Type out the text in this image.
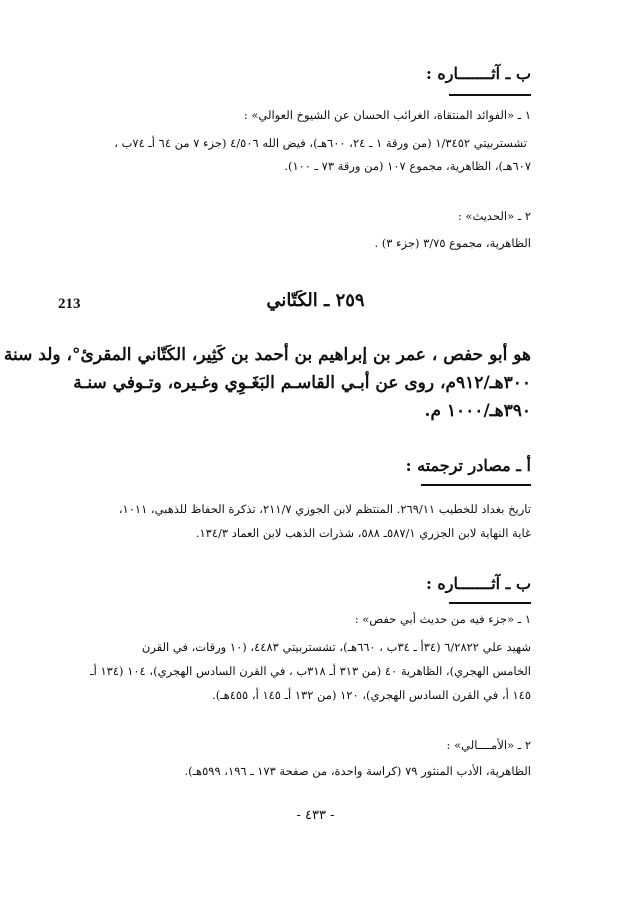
ب ـ آثـــــــاره :
١ ـ «الفوائد المنتقاة، الغرائب الحسان عن الشيوخ العوالي» :
تشستربيتي ١/٣٤٥٢ (من ورقة ١ ـ ٢٤، ٦٠٠هـ)، فيض الله ٤/٥٠٦ (جزء ٧ من ٦٤ أـ ٧٤ب ،
٦٠٧هـ)، الظاهرية، مجموع ١٠٧ (من ورقة ٧٣ ـ ١٠٠).
٢ ـ «الحديث» :
الظاهرية، مجموع ٣/٧٥ (جزء ٣) .
213	٢٥٩ ـ الكَتّاني
هو أبو حفص ، عمر بن إبراهيم بن أحمد بن كَثِير، الكَتّاني المقرئ°، ولد سنة
٣٠٠هـ/٩١٢م، روى عن أبـي القاسـم البَغَـوِي وغـيره، وتـوفي سنـة
٣٩٠هـ/١٠٠٠ م.
أ ـ مصادر ترجمته :
تاريخ بغداد للخطيب ٢٦٩/١١. المنتظم لابن الجوزي ٢١١/٧، تذكرة الحفاظ للذهبي، ١٠١١،
غاية النهاية لابن الجزري ٥٨٧/١ـ ٥٨٨، شذرات الذهب لابن العماد ١٣٤/٣.
ب ـ آثـــــــاره :
١ ـ «جزء فيه من حديث أبي حفص» :
شهيد علي ٦/٢٨٢٢ (٣٤أ ـ ٣٤ب ، ٦٦٠هـ)، تشستربيتي ٤٤٨٣، (١٠ ورقات، في القرن
الخامس الهجري)، الظاهرية ٤٠ (من ٣١٣ أـ ٣١٨ب ، في القرن السادس الهجري)، ١٠٤ (١٣٤ أـ
١٤٥ أ، في القرن السادس الهجري)، ١٢٠ (من ١٣٢ أـ ١٤٥ أ، ٤٥٥هـ).
٢ ـ «الأمــــالي» :
الظاهرية، الأدب المنثور ٧٩ (كراسة واحدة، من صفحة ١٧٣ ـ ١٩٦، ٥٩٩هـ).
- ٤٣٣ -
